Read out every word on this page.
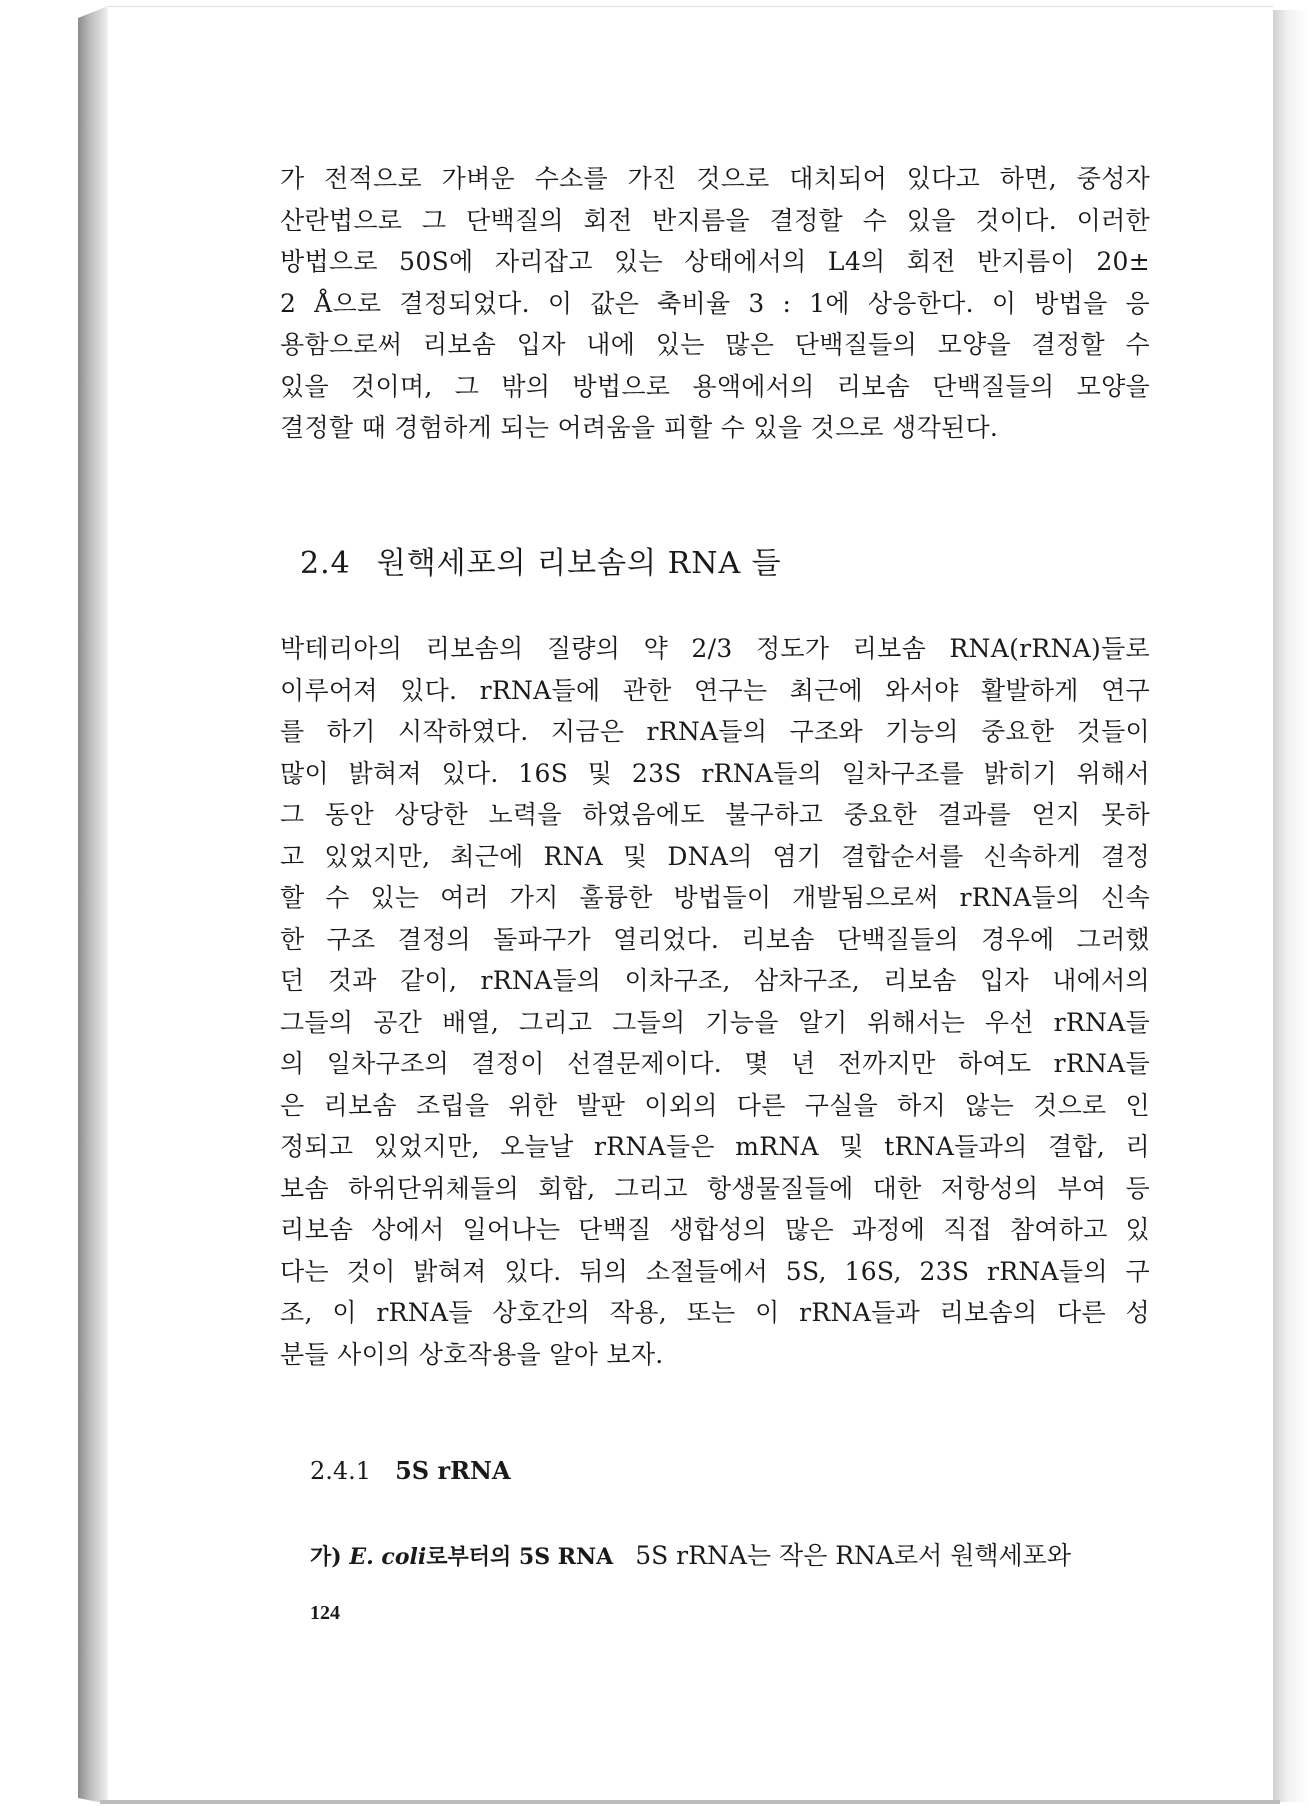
가 전적으로 가벼운 수소를 가진 것으로 대치되어 있다고 하면, 중성자
산란법으로 그 단백질의 회전 반지름을 결정할 수 있을 것이다. 이러한
방법으로 50S에 자리잡고 있는 상태에서의 L4의 회전 반지름이 20±
2 Å으로 결정되었다. 이 값은 축비율 3 : 1에 상응한다. 이 방법을 응
용함으로써 리보솜 입자 내에 있는 많은 단백질들의 모양을 결정할 수
있을 것이며, 그 밖의 방법으로 용액에서의 리보솜 단백질들의 모양을
결정할 때 경험하게 되는 어려움을 피할 수 있을 것으로 생각된다.
2.4 원핵세포의 리보솜의 RNA 들
박테리아의 리보솜의 질량의 약 2/3 정도가 리보솜 RNA(rRNA)들로
이루어져 있다. rRNA들에 관한 연구는 최근에 와서야 활발하게 연구
를 하기 시작하였다. 지금은 rRNA들의 구조와 기능의 중요한 것들이
많이 밝혀져 있다. 16S 및 23S rRNA들의 일차구조를 밝히기 위해서
그 동안 상당한 노력을 하였음에도 불구하고 중요한 결과를 얻지 못하
고 있었지만, 최근에 RNA 및 DNA의 염기 결합순서를 신속하게 결정
할 수 있는 여러 가지 훌륭한 방법들이 개발됨으로써 rRNA들의 신속
한 구조 결정의 돌파구가 열리었다. 리보솜 단백질들의 경우에 그러했
던 것과 같이, rRNA들의 이차구조, 삼차구조, 리보솜 입자 내에서의
그들의 공간 배열, 그리고 그들의 기능을 알기 위해서는 우선 rRNA들
의 일차구조의 결정이 선결문제이다. 몇 년 전까지만 하여도 rRNA들
은 리보솜 조립을 위한 발판 이외의 다른 구실을 하지 않는 것으로 인
정되고 있었지만, 오늘날 rRNA들은 mRNA 및 tRNA들과의 결합, 리
보솜 하위단위체들의 회합, 그리고 항생물질들에 대한 저항성의 부여 등
리보솜 상에서 일어나는 단백질 생합성의 많은 과정에 직접 참여하고 있
다는 것이 밝혀져 있다. 뒤의 소절들에서 5S, 16S, 23S rRNA들의 구
조, 이 rRNA들 상호간의 작용, 또는 이 rRNA들과 리보솜의 다른 성
분들 사이의 상호작용을 알아 보자.
2.4.1 5S rRNA
가) E. coli로부터의 5S RNA 5S rRNA는 작은 RNA로서 원핵세포와
124
